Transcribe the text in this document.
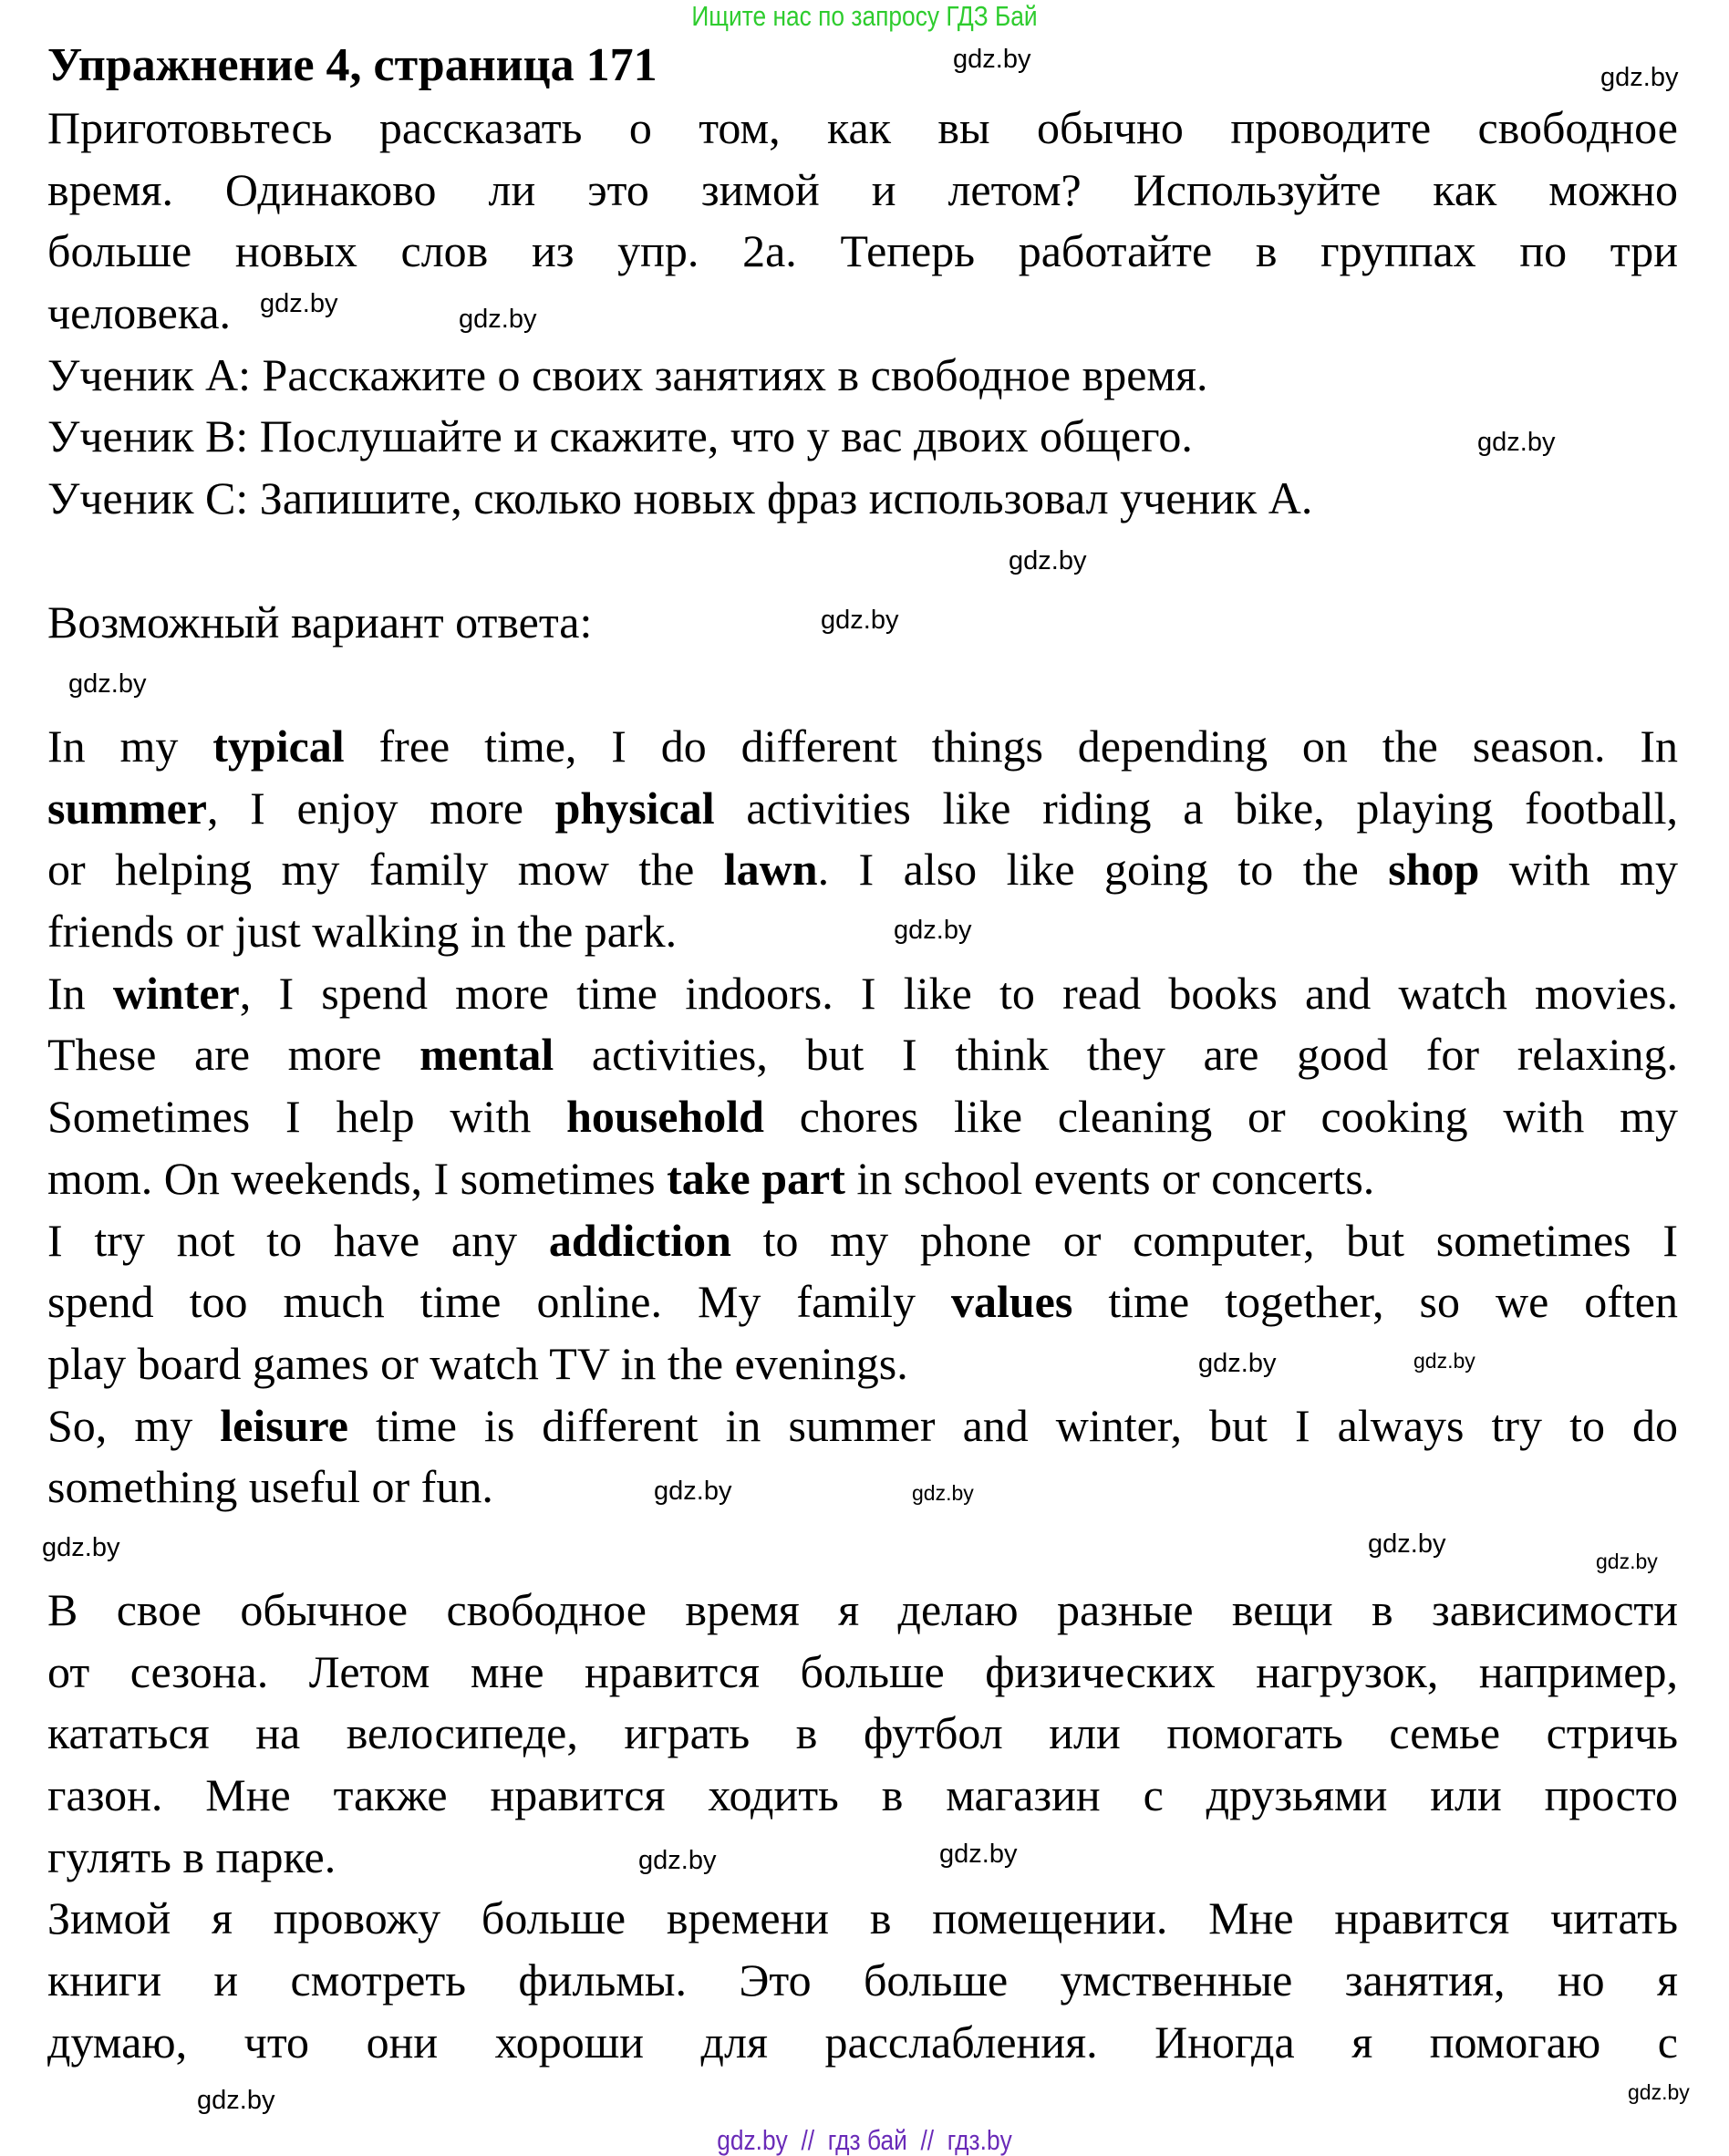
Ищите нас по запросу ГДЗ Бай
Упражнение 4, страница 171
Приготовьтесь рассказать о том, как вы обычно проводите свободное
время. Одинаково ли это зимой и летом? Используйте как можно
больше новых слов из упр. 2а. Теперь работайте в группах по три
человека.
Ученик A: Расскажите о своих занятиях в свободное время.
Ученик B: Послушайте и скажите, что у вас двоих общего.
Ученик C: Запишите, сколько новых фраз использовал ученик A.
Возможный вариант ответа:
In my typical free time, I do different things depending on the season. In
summer, I enjoy more physical activities like riding a bike, playing football,
or helping my family mow the lawn. I also like going to the shop with my
friends or just walking in the park.
In winter, I spend more time indoors. I like to read books and watch movies.
These are more mental activities, but I think they are good for relaxing.
Sometimes I help with household chores like cleaning or cooking with my
mom. On weekends, I sometimes take part in school events or concerts.
I try not to have any addiction to my phone or computer, but sometimes I
spend too much time online. My family values time together, so we often
play board games or watch TV in the evenings.
So, my leisure time is different in summer and winter, but I always try to do
something useful or fun.
В свое обычное свободное время я делаю разные вещи в зависимости
от сезона. Летом мне нравится больше физических нагрузок, например,
кататься на велосипеде, играть в футбол или помогать семье стричь
газон. Мне также нравится ходить в магазин с друзьями или просто
гулять в парке.
Зимой я провожу больше времени в помещении. Мне нравится читать
книги и смотреть фильмы. Это больше умственные занятия, но я
думаю, что они хороши для расслабления. Иногда я помогаю с
gdz.by
gdz.by
gdz.by
gdz.by
gdz.by
gdz.by
gdz.by
gdz.by
gdz.by
gdz.by
gdz.by
gdz.by
gdz.by
gdz.by
gdz.by	gdz.by
gdz.by
gdz.by
gdz.by
gdz.by
gdz.by  //  гдз бай  //  гдз.by
